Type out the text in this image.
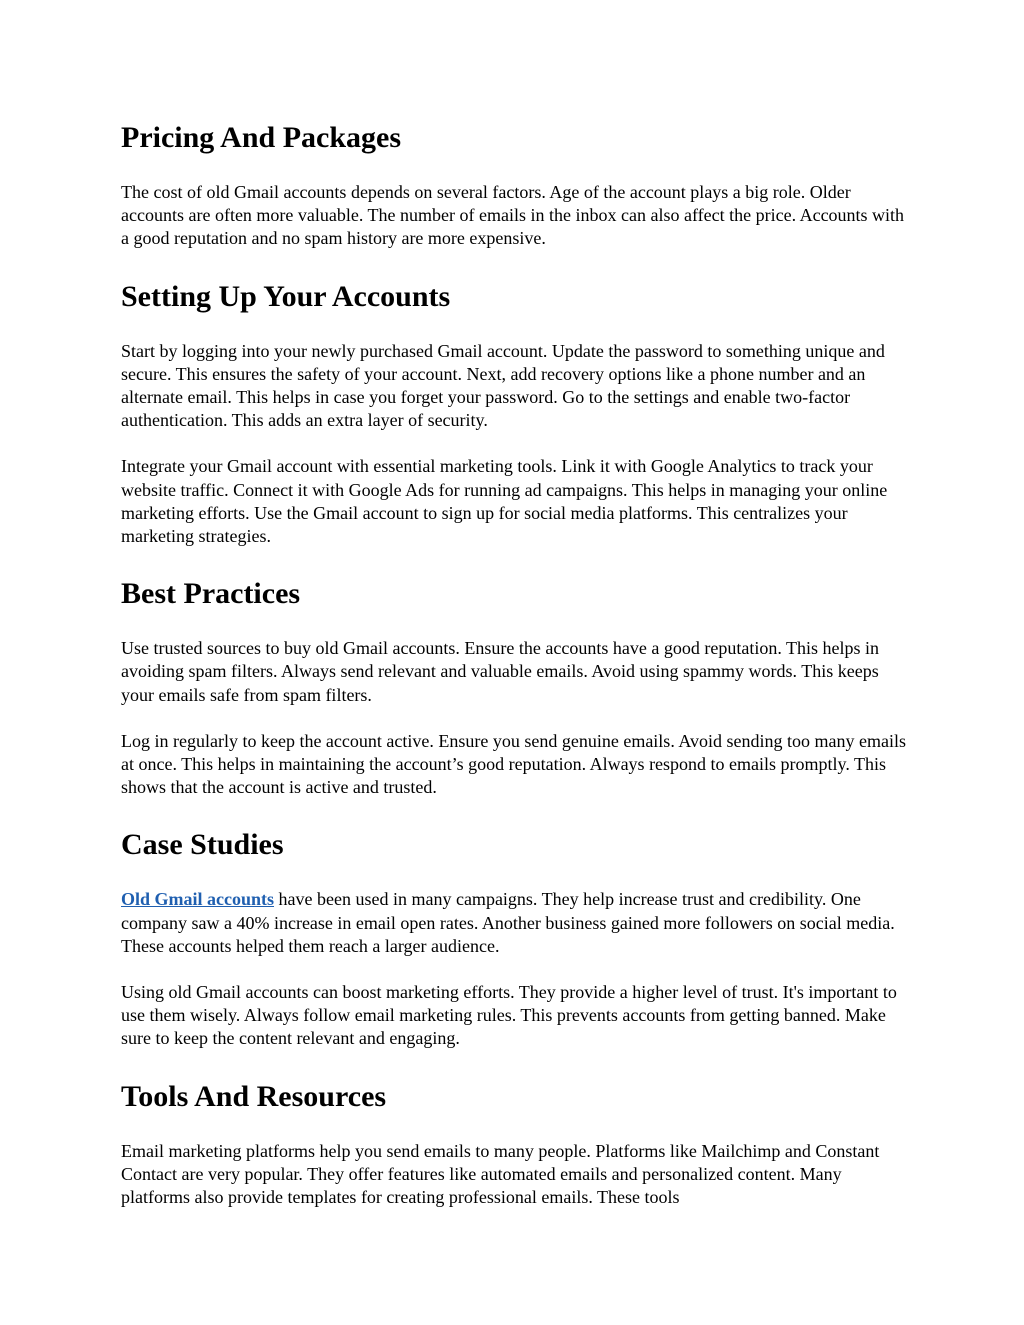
Pricing And Packages

The cost of old Gmail accounts depends on several factors. Age of the account plays a big role. Older accounts are often more valuable. The number of emails in the inbox can also affect the price. Accounts with a good reputation and no spam history are more expensive.

Setting Up Your Accounts

Start by logging into your newly purchased Gmail account. Update the password to something unique and secure. This ensures the safety of your account. Next, add recovery options like a phone number and an alternate email. This helps in case you forget your password. Go to the settings and enable two-factor authentication. This adds an extra layer of security.

Integrate your Gmail account with essential marketing tools. Link it with Google Analytics to track your website traffic. Connect it with Google Ads for running ad campaigns. This helps in managing your online marketing efforts. Use the Gmail account to sign up for social media platforms. This centralizes your marketing strategies.

Best Practices

Use trusted sources to buy old Gmail accounts. Ensure the accounts have a good reputation. This helps in avoiding spam filters. Always send relevant and valuable emails. Avoid using spammy words. This keeps your emails safe from spam filters.

Log in regularly to keep the account active. Ensure you send genuine emails. Avoid sending too many emails at once. This helps in maintaining the account’s good reputation. Always respond to emails promptly. This shows that the account is active and trusted.

Case Studies

Old Gmail accounts have been used in many campaigns. They help increase trust and credibility. One company saw a 40% increase in email open rates. Another business gained more followers on social media. These accounts helped them reach a larger audience.

Using old Gmail accounts can boost marketing efforts. They provide a higher level of trust. It's important to use them wisely. Always follow email marketing rules. This prevents accounts from getting banned. Make sure to keep the content relevant and engaging.

Tools And Resources

Email marketing platforms help you send emails to many people. Platforms like Mailchimp and Constant Contact are very popular. They offer features like automated emails and personalized content. Many platforms also provide templates for creating professional emails. These tools
